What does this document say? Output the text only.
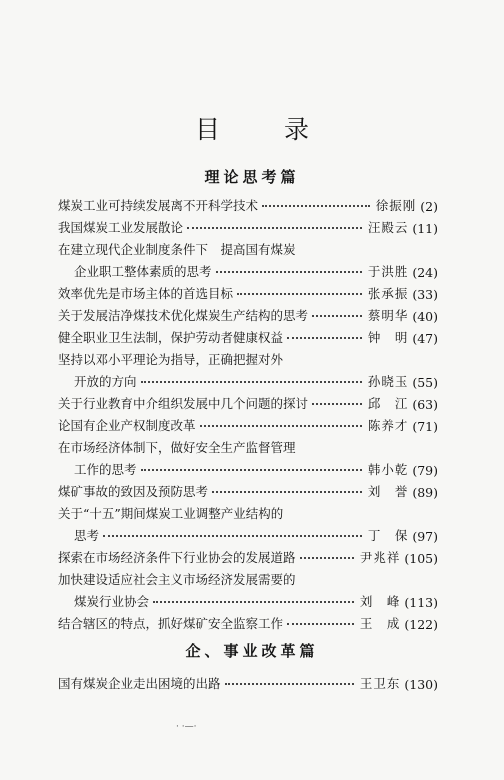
目 录
理论思考篇
煤炭工业可持续发展离不开科学技术	徐振刚 (2)
我国煤炭工业发展散论	汪殿云 (11)
在建立现代企业制度条件下　提高国有煤炭
企业职工整体素质的思考	于洪胜 (24)
效率优先是市场主体的首选目标	张承振 (33)
关于发展洁净煤技术优化煤炭生产结构的思考	蔡明华 (40)
健全职业卫生法制，保护劳动者健康权益	钟　明 (47)
坚持以邓小平理论为指导，正确把握对外
开放的方向	孙晓玉 (55)
关于行业教育中介组织发展中几个问题的探讨	邱　江 (63)
论国有企业产权制度改革	陈养才 (71)
在市场经济体制下，做好安全生产监督管理
工作的思考	韩小乾 (79)
煤矿事故的致因及预防思考	刘　誉 (89)
关于“十五”期间煤炭工业调整产业结构的
思考	丁　保 (97)
探索在市场经济条件下行业协会的发展道路	尹兆祥 (105)
加快建设适应社会主义市场经济发展需要的
煤炭行业协会	刘　峰 (113)
结合辖区的特点，抓好煤矿安全监察工作	王　成 (122)
企、事业改革篇
国有煤炭企业走出困境的出路	王卫东 (130)
· ·—·
